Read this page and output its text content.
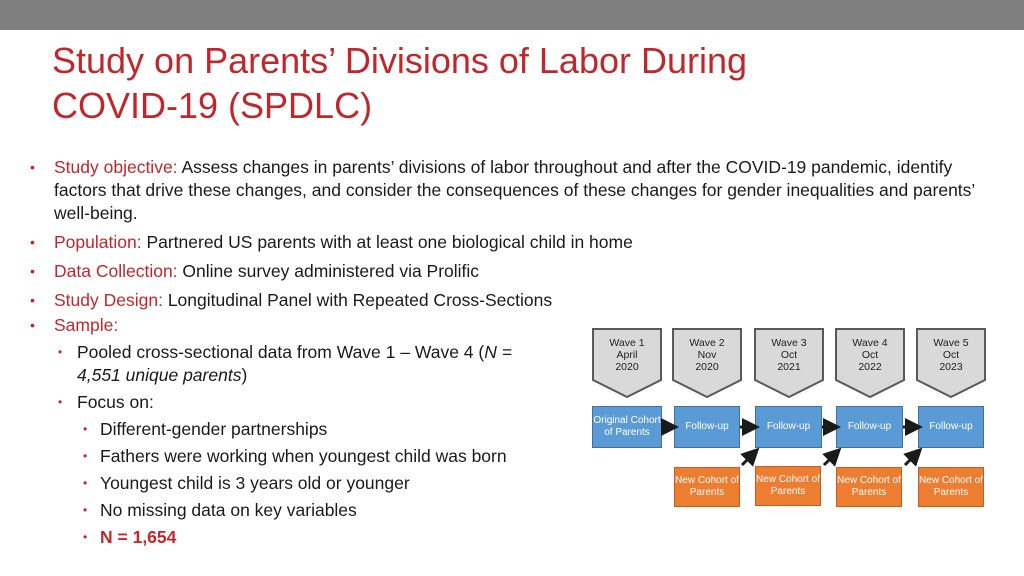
Study on Parents’ Divisions of Labor During COVID-19 (SPDLC)
• Study objective: Assess changes in parents’ divisions of labor throughout and after the COVID-19 pandemic, identify factors that drive these changes, and consider the consequences of these changes for gender inequalities and parents’ well-being.
• Population: Partnered US parents with at least one biological child in home
• Data Collection: Online survey administered via Prolific
• Study Design: Longitudinal Panel with Repeated Cross-Sections
• Sample:
• Pooled cross-sectional data from Wave 1 – Wave 4 (N = 4,551 unique parents)
• Focus on:
• Different-gender partnerships
• Fathers were working when youngest child was born
• Youngest child is 3 years old or younger
• No missing data on key variables
• N = 1,654
Wave 1
April
2020
Wave 2
Nov
2020
Wave 3
Oct
2021
Wave 4
Oct
2022
Wave 5
Oct
2023
Original Cohort of Parents
Follow-up	Follow-up	Follow-up	Follow-up
New Cohort of Parents
New Cohort of Parents
New Cohort of Parents
New Cohort of Parents
